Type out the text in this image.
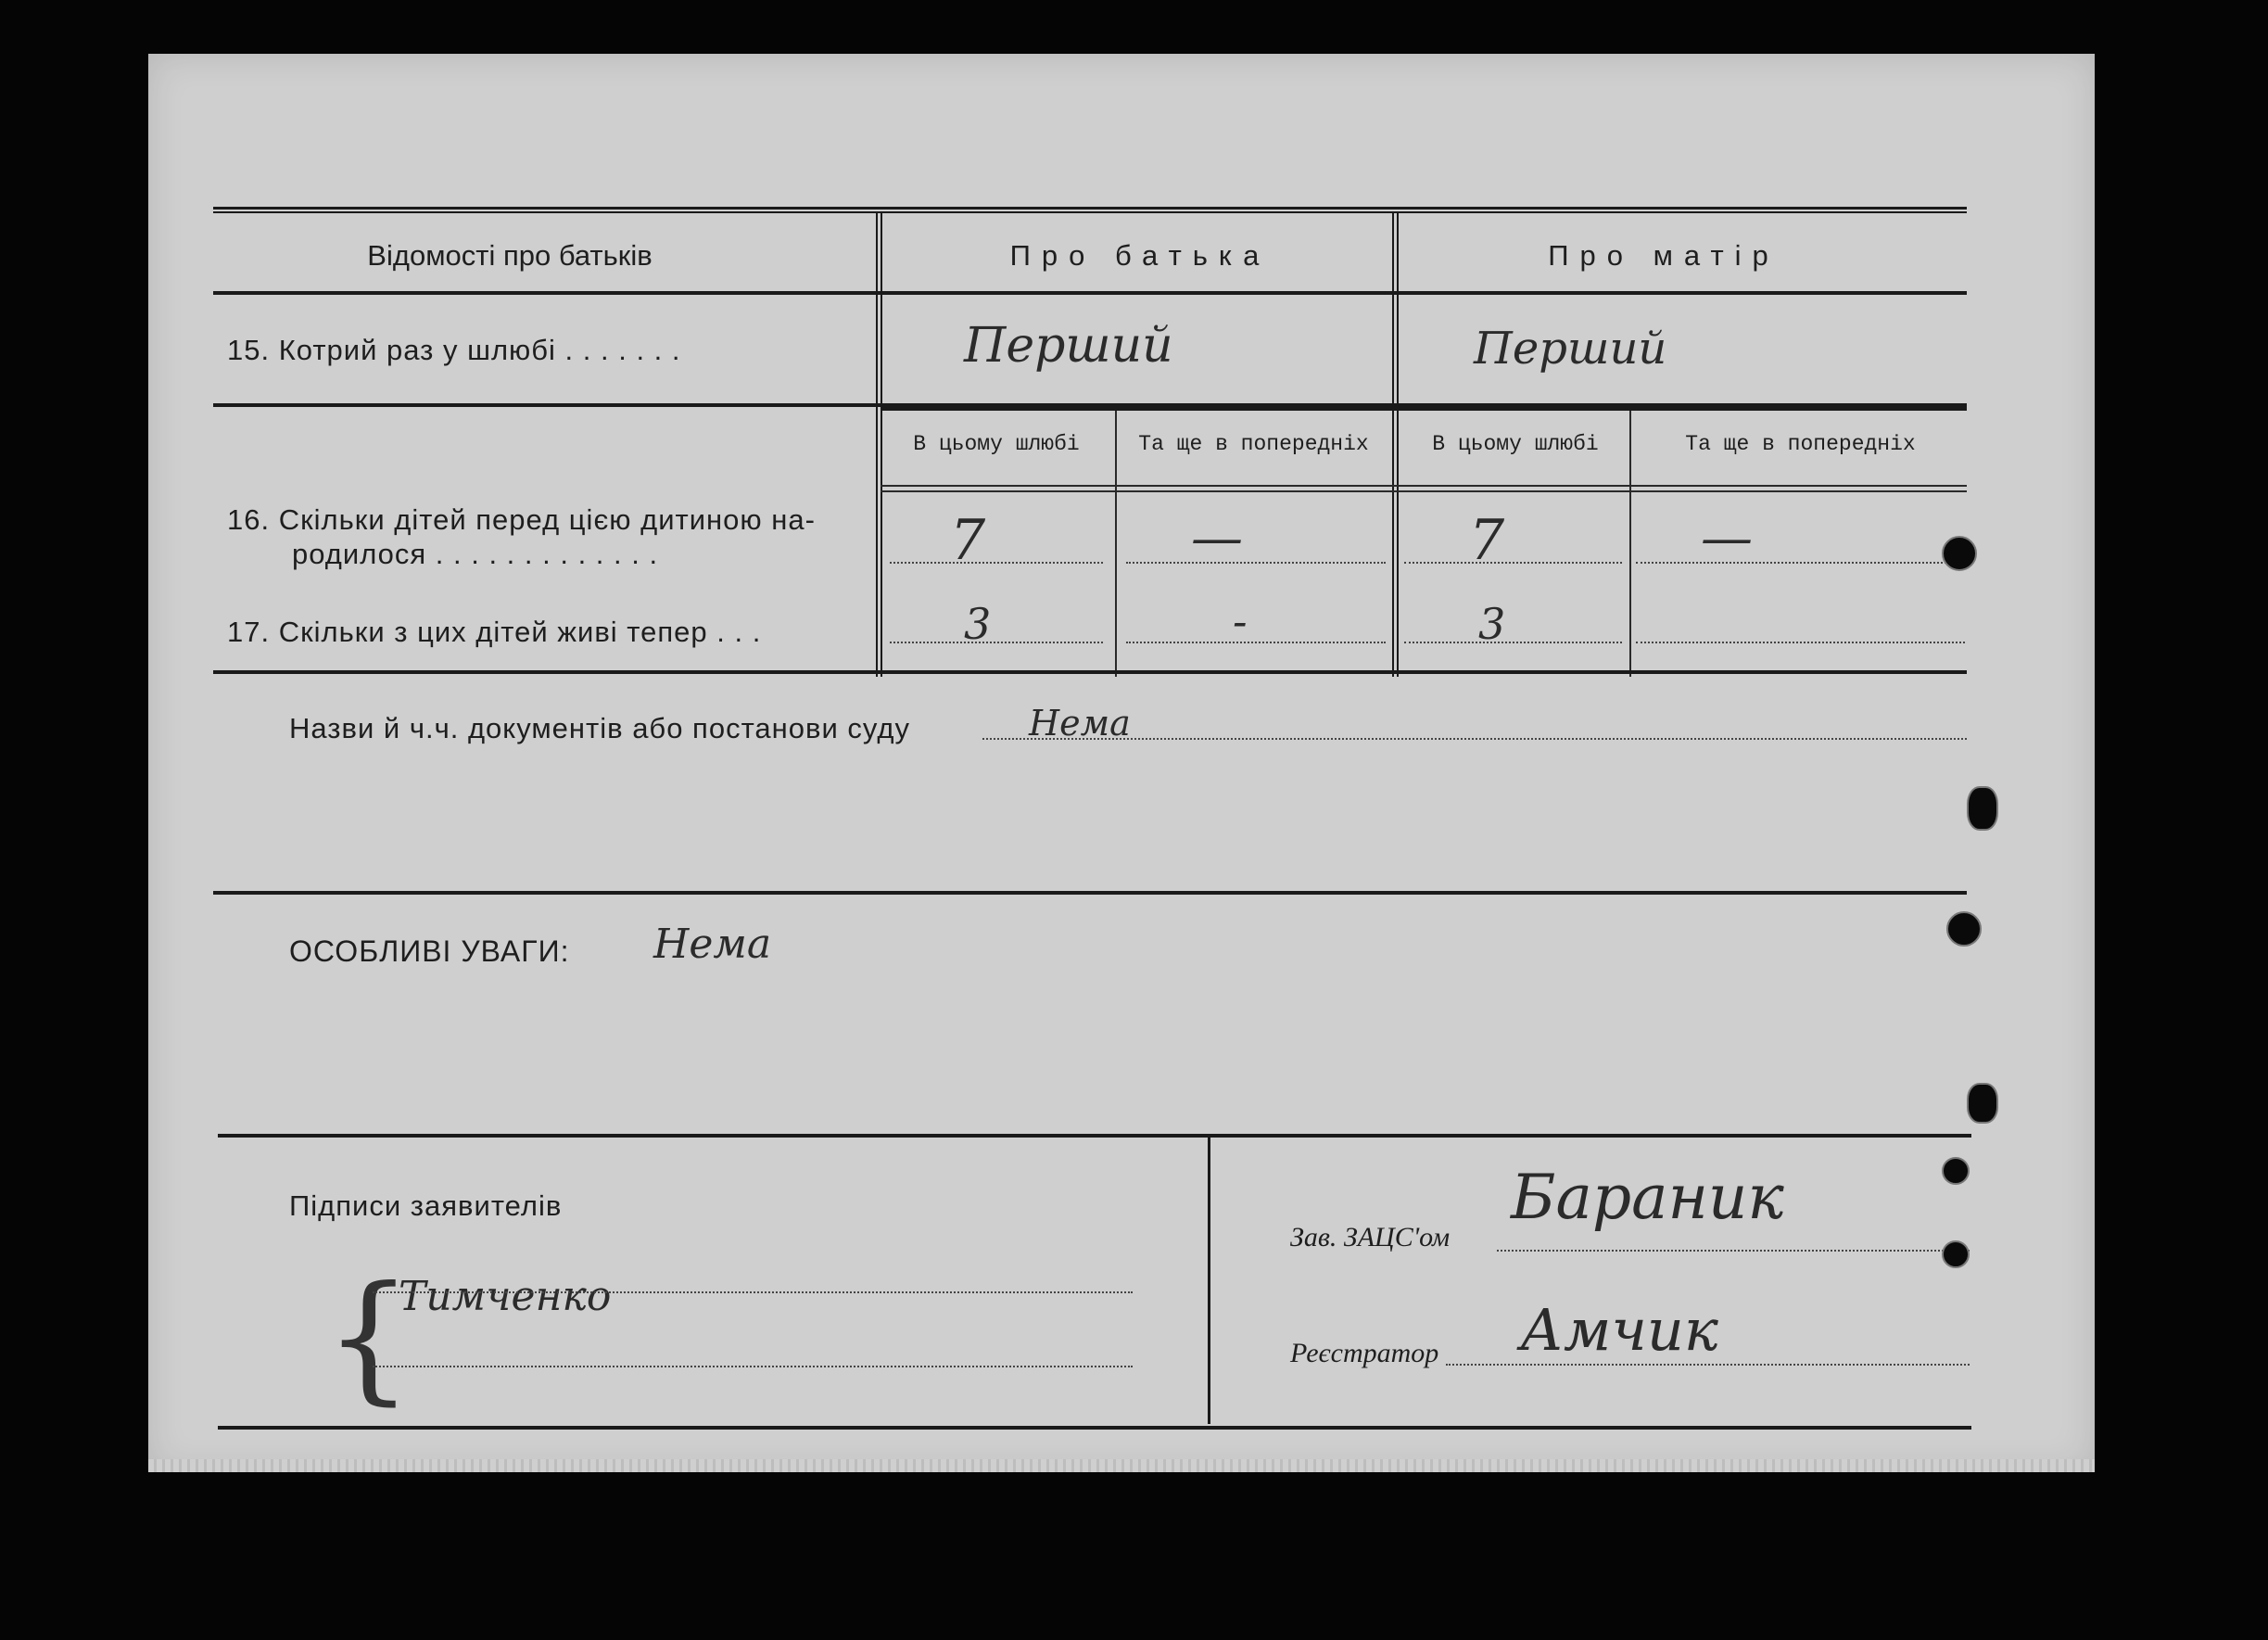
Відомості про батьків	Про батька	Про матір
15. Котрий раз у шлюбі . . . . . . .	Перший	Перший
В цьому шлюбі	Та ще в попередніх	В цьому шлюбі	Та ще в попередніх
16. Скільки дітей перед цією дитиною на-
родилося . . . . . . . . . . . . .	7	—	7	—
17. Скільки з цих дітей живі тепер . . .	3	-	3
Назви й ч.ч. документів або постанови суду	Нема
ОСОБЛИВІ УВАГИ: Нема
Підписи заявителів
{
Тимченко
Зав. ЗАЦС'ом
Бараник
Реєстратор Амчик
